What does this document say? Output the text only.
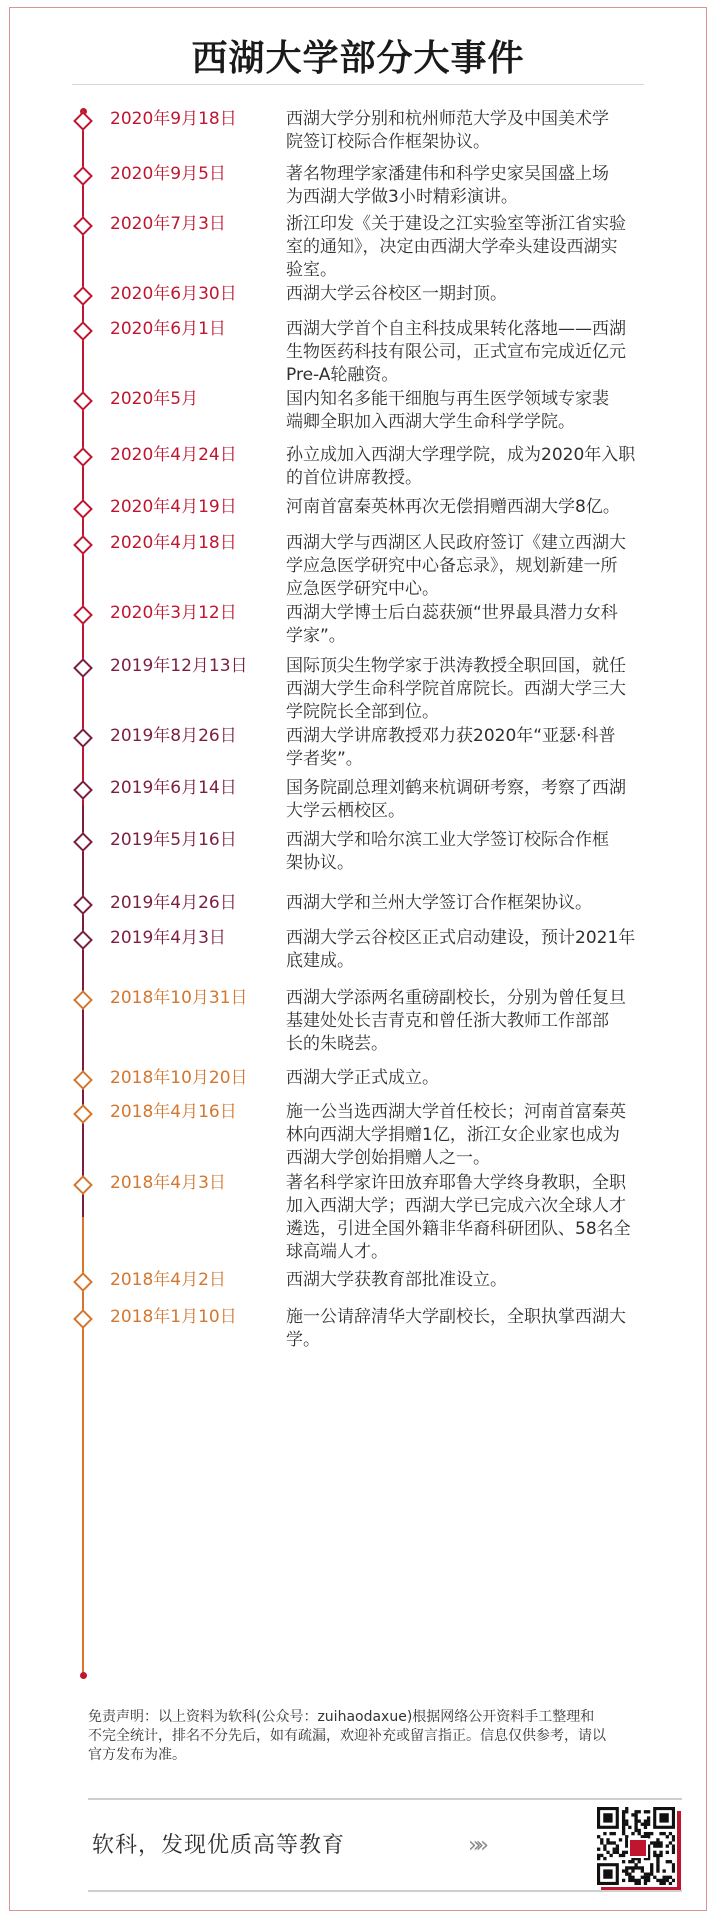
西湖大学部分大事件
2020年9月18日	西湖大学分别和杭州师范大学及中国美术学
院签订校际合作框架协议。
2020年9月5日	著名物理学家潘建伟和科学史家吴国盛上场
为西湖大学做3小时精彩演讲。
2020年7月3日	浙江印发《关于建设之江实验室等浙江省实验
室的通知》，决定由西湖大学牵头建设西湖实
验室。
2020年6月30日	西湖大学云谷校区一期封顶。
2020年6月1日	西湖大学首个自主科技成果转化落地——西湖
生物医药科技有限公司，正式宣布完成近亿元
Pre-A轮融资。
2020年5月	国内知名多能干细胞与再生医学领域专家裴
端卿全职加入西湖大学生命科学学院。
2020年4月24日	孙立成加入西湖大学理学院，成为2020年入职
的首位讲席教授。
2020年4月19日	河南首富秦英林再次无偿捐赠西湖大学8亿。
2020年4月18日	西湖大学与西湖区人民政府签订《建立西湖大
学应急医学研究中心备忘录》，规划新建一所
应急医学研究中心。
2020年3月12日	西湖大学博士后白蕊获颁“世界最具潜力女科
学家”。
2019年12月13日 国际顶尖生物学家于洪涛教授全职回国，就任
西湖大学生命科学院首席院长。西湖大学三大
学院院长全部到位。
2019年8月26日	西湖大学讲席教授邓力获2020年“亚瑟·科普
学者奖”。
2019年6月14日	国务院副总理刘鹤来杭调研考察，考察了西湖
大学云栖校区。
2019年5月16日	西湖大学和哈尔滨工业大学签订校际合作框
架协议。
2019年4月26日	西湖大学和兰州大学签订合作框架协议。
2019年4月3日	西湖大学云谷校区正式启动建设，预计2021年
底建成。
2018年10月31日 西湖大学添两名重磅副校长，分别为曾任复旦
基建处处长吉青克和曾任浙大教师工作部部
长的朱晓芸。
2018年10月20日 西湖大学正式成立。
2018年4月16日	施一公当选西湖大学首任校长；河南首富秦英
林向西湖大学捐赠1亿，浙江女企业家也成为
西湖大学创始捐赠人之一。
2018年4月3日	著名科学家许田放弃耶鲁大学终身教职，全职
加入西湖大学；西湖大学已完成六次全球人才
遴选，引进全国外籍非华裔科研团队、58名全
球高端人才。
2018年4月2日	西湖大学获教育部批准设立。
2018年1月10日	施一公请辞清华大学副校长，全职执掌西湖大
学。
免责声明：以上资料为软科(公众号：zuihaodaxue)根据网络公开资料手工整理和
不完全统计，排名不分先后，如有疏漏，欢迎补充或留言指正。信息仅供参考，请以
官方发布为准。
软科，发现优质高等教育	»»
